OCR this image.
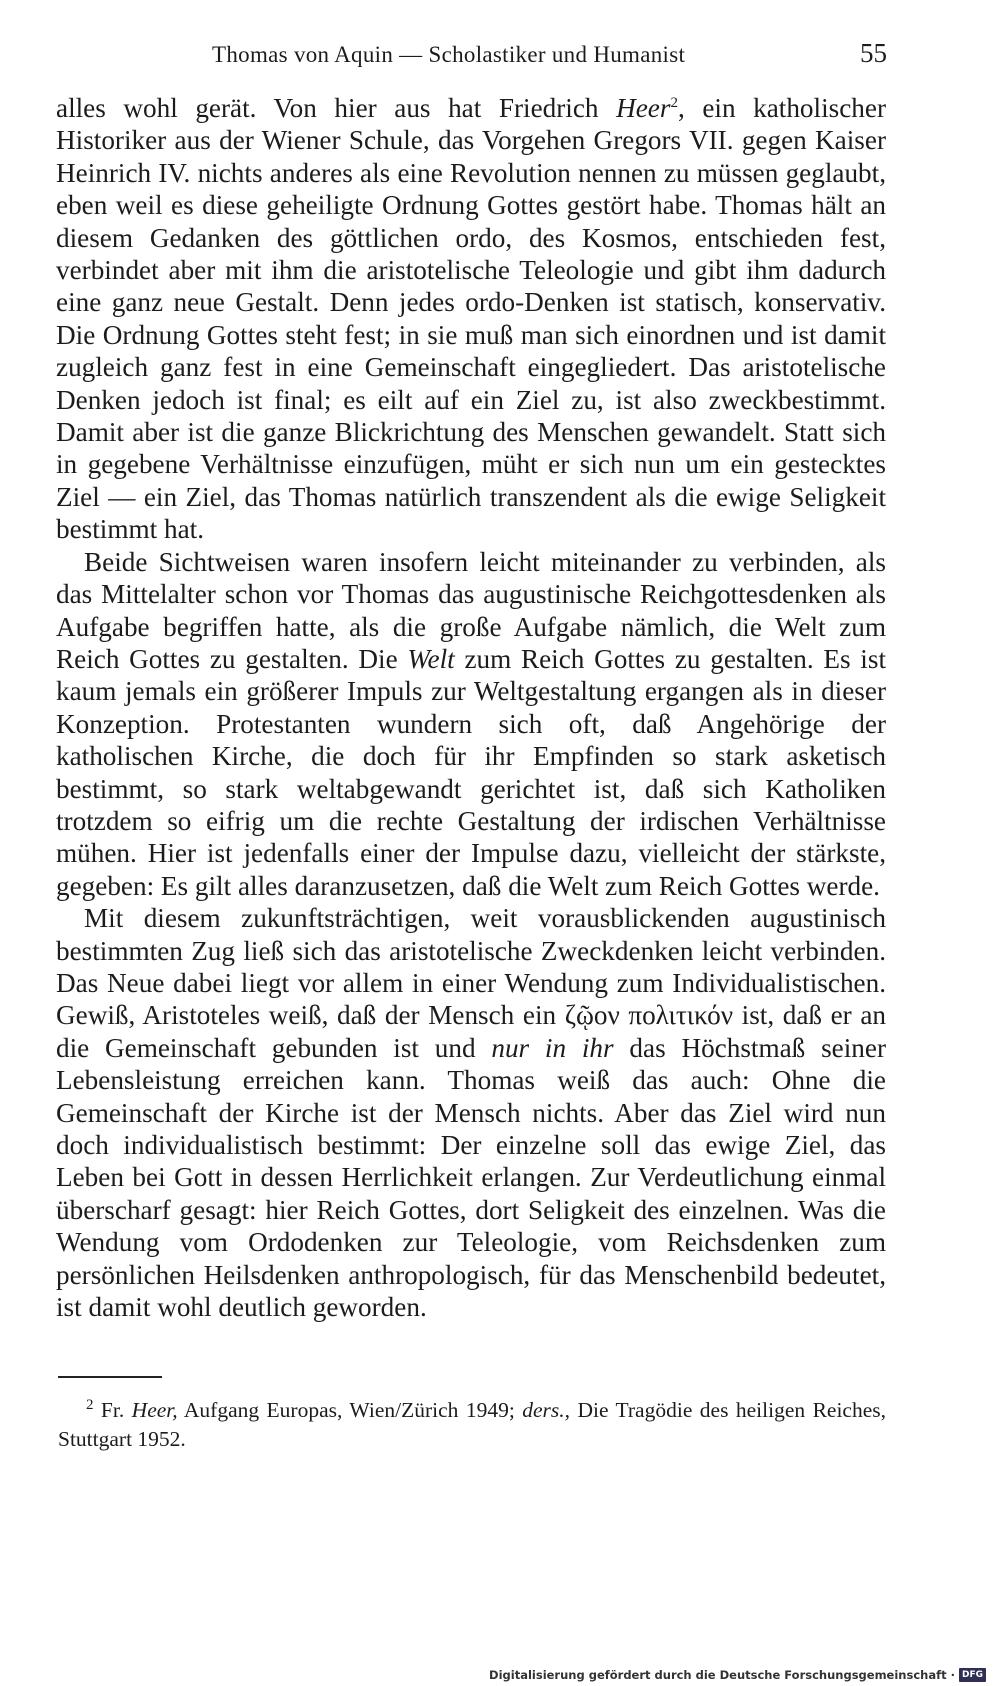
Thomas von Aquin — Scholastiker und Humanist	55

alles wohl gerät. Von hier aus hat Friedrich Heer$^2$, ein katholischer Historiker aus der Wiener Schule, das Vorgehen Gregors VII. gegen Kaiser Heinrich IV. nichts anderes als eine Revolution nennen zu müssen geglaubt, eben weil es diese geheiligte Ordnung Gottes gestört habe. Thomas hält an diesem Gedanken des göttlichen ordo, des Kosmos, entschieden fest, verbindet aber mit ihm die aristotelische Teleologie und gibt ihm dadurch eine ganz neue Gestalt. Denn jedes ordo-Denken ist statisch, konservativ. Die Ordnung Gottes steht fest; in sie muß man sich einordnen und ist damit zugleich ganz fest in eine Gemeinschaft eingegliedert. Das aristotelische Denken jedoch ist final; es eilt auf ein Ziel zu, ist also zweckbestimmt. Damit aber ist die ganze Blickrichtung des Menschen gewandelt. Statt sich in gegebene Verhältnisse einzufügen, müht er sich nun um ein gestecktes Ziel — ein Ziel, das Thomas natürlich transzendent als die ewige Seligkeit bestimmt hat.

Beide Sichtweisen waren insofern leicht miteinander zu verbinden, als das Mittelalter schon vor Thomas das augustinische Reichgottesdenken als Aufgabe begriffen hatte, als die große Aufgabe nämlich, die Welt zum Reich Gottes zu gestalten. Die Welt zum Reich Gottes zu gestalten. Es ist kaum jemals ein größerer Impuls zur Weltgestaltung ergangen als in dieser Konzeption. Protestanten wundern sich oft, daß Angehörige der katholischen Kirche, die doch für ihr Empfinden so stark asketisch bestimmt, so stark weltabgewandt gerichtet ist, daß sich Katholiken trotzdem so eifrig um die rechte Gestaltung der irdischen Verhältnisse mühen. Hier ist jedenfalls einer der Impulse dazu, vielleicht der stärkste, gegeben: Es gilt alles daranzusetzen, daß die Welt zum Reich Gottes werde.

Mit diesem zukunftsträchtigen, weit vorausblickenden augustinisch bestimmten Zug ließ sich das aristotelische Zweckdenken leicht verbinden. Das Neue dabei liegt vor allem in einer Wendung zum Individualistischen. Gewiß, Aristoteles weiß, daß der Mensch ein ζῷον πολιτικόν ist, daß er an die Gemeinschaft gebunden ist und nur in ihr das Höchstmaß seiner Lebensleistung erreichen kann. Thomas weiß das auch: Ohne die Gemeinschaft der Kirche ist der Mensch nichts. Aber das Ziel wird nun doch individualistisch bestimmt: Der einzelne soll das ewige Ziel, das Leben bei Gott in dessen Herrlichkeit erlangen. Zur Verdeutlichung einmal überscharf gesagt: hier Reich Gottes, dort Seligkeit des einzelnen. Was die Wendung vom Ordodenken zur Teleologie, vom Reichsdenken zum persönlichen Heilsdenken anthropologisch, für das Menschenbild bedeutet, ist damit wohl deutlich geworden.

$^2$ Fr. Heer, Aufgang Europas, Wien/Zürich 1949; ders., Die Tragödie des heiligen Reiches, Stuttgart 1952.
Digitalisierung gefördert durch die Deutsche Forschungsgemeinschaft · DFG
